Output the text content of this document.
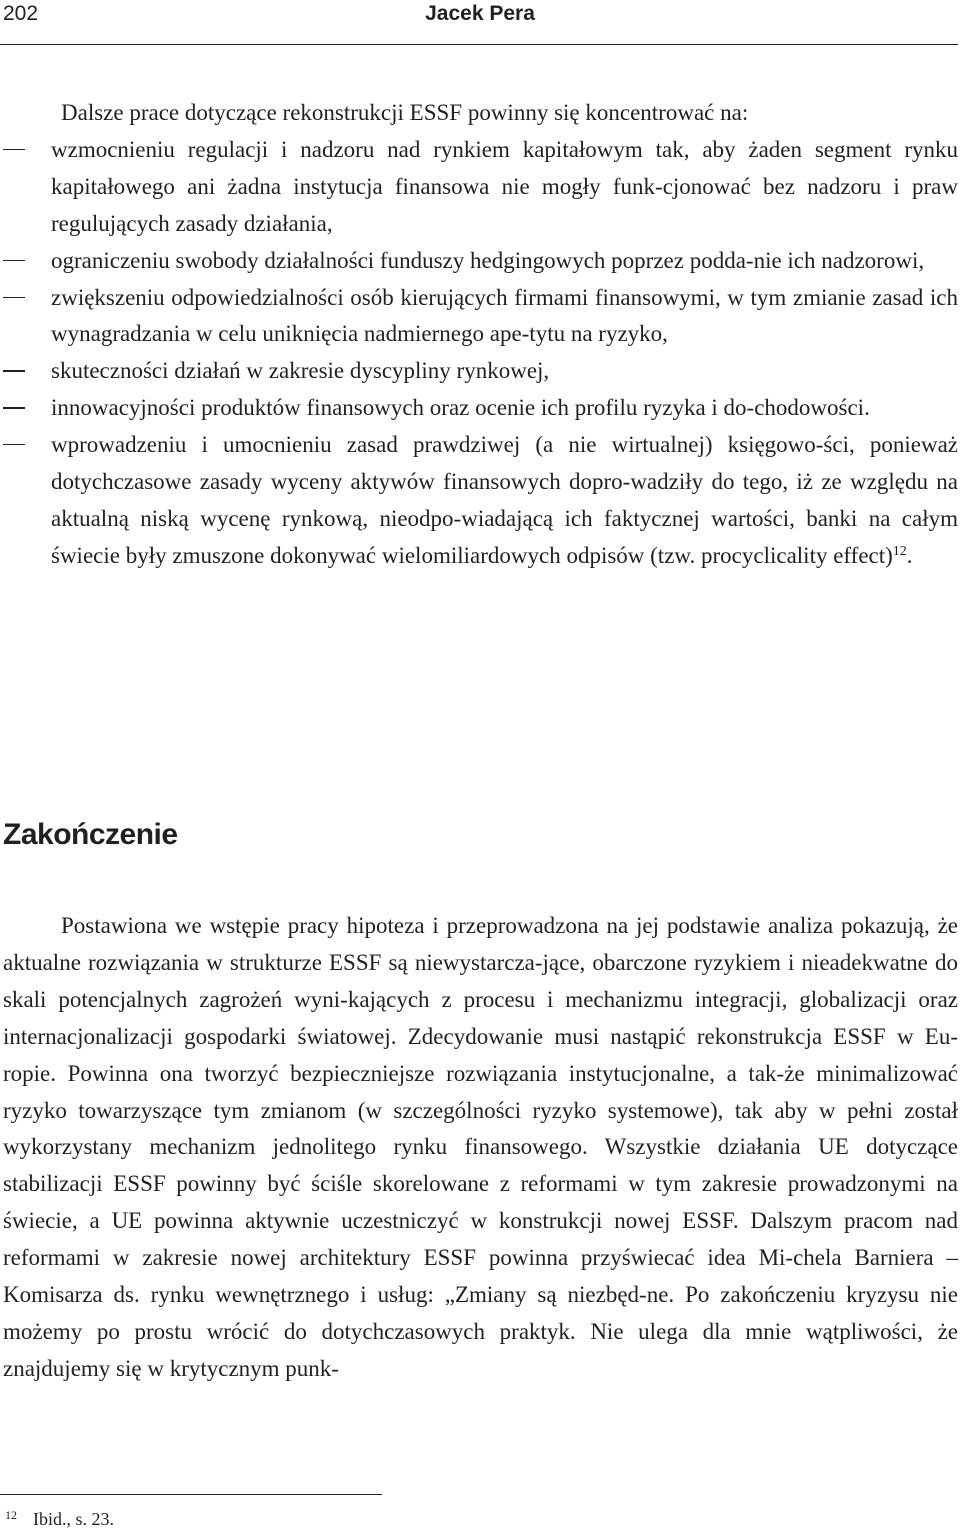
202	Jacek Pera

Dalsze prace dotyczące rekonstrukcji ESSF powinny się koncentrować na:

wzmocnieniu regulacji i nadzoru nad rynkiem kapitałowym tak, aby żaden segment rynku kapitałowego ani żadna instytucja finansowa nie mogły funk-cjonować bez nadzoru i praw regulujących zasady działania,
ograniczeniu swobody działalności funduszy hedgingowych poprzez podda-nie ich nadzorowi,
zwiększeniu odpowiedzialności osób kierujących firmami finansowymi, w tym zmianie zasad ich wynagradzania w celu uniknięcia nadmiernego ape-tytu na ryzyko,
skuteczności działań w zakresie dyscypliny rynkowej,
innowacyjności produktów finansowych oraz ocenie ich profilu ryzyka i do-chodowości.
wprowadzeniu i umocnieniu zasad prawdziwej (a nie wirtualnej) księgowo-ści, ponieważ dotychczasowe zasady wyceny aktywów finansowych dopro-wadziły do tego, iż ze względu na aktualną niską wycenę rynkową, nieodpo-wiadającą ich faktycznej wartości, banki na całym świecie były zmuszone dokonywać wielomiliardowych odpisów (tzw. procyclicality effect)$^{12}$.
Zakończenie

Postawiona we wstępie pracy hipoteza i przeprowadzona na jej podstawie analiza pokazują, że aktualne rozwiązania w strukturze ESSF są niewystarcza-jące, obarczone ryzykiem i nieadekwatne do skali potencjalnych zagrożeń wyni-kających z procesu i mechanizmu integracji, globalizacji oraz internacjonalizacji gospodarki światowej. Zdecydowanie musi nastąpić rekonstrukcja ESSF w Eu-ropie. Powinna ona tworzyć bezpieczniejsze rozwiązania instytucjonalne, a tak-że minimalizować ryzyko towarzyszące tym zmianom (w szczególności ryzyko systemowe), tak aby w pełni został wykorzystany mechanizm jednolitego rynku finansowego. Wszystkie działania UE dotyczące stabilizacji ESSF powinny być ściśle skorelowane z reformami w tym zakresie prowadzonymi na świecie, a UE powinna aktywnie uczestniczyć w konstrukcji nowej ESSF. Dalszym pracom nad reformami w zakresie nowej architektury ESSF powinna przyświecać idea Mi-chela Barniera – Komisarza ds. rynku wewnętrznego i usług: „Zmiany są niezbęd-ne. Po zakończeniu kryzysu nie możemy po prostu wrócić do dotychczasowych praktyk. Nie ulega dla mnie wątpliwości, że znajdujemy się w krytycznym punk-

$^{12}$ Ibid., s. 23.
